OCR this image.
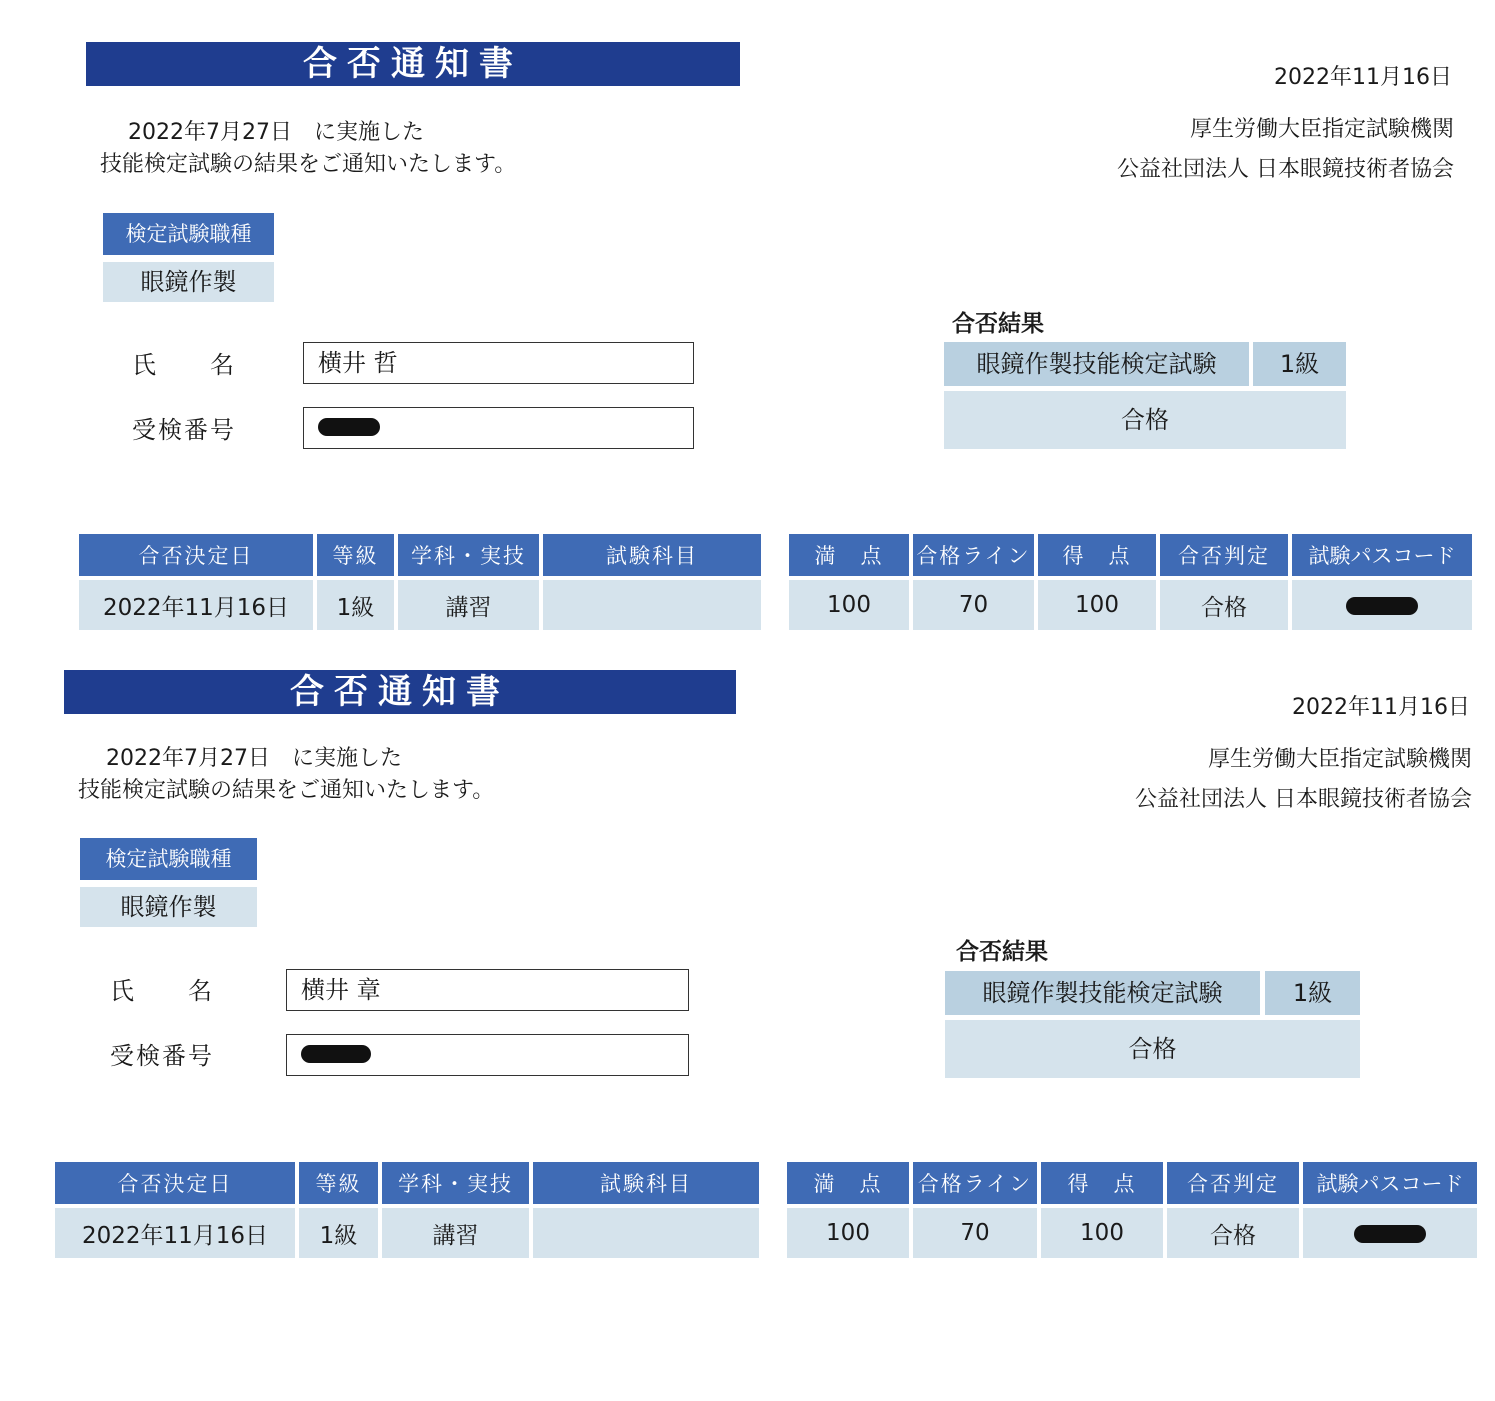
合否通知書	2022年11月16日
2022年7月27日　に実施した
技能検定試験の結果をご通知いたします。
厚生労働大臣指定試験機関
公益社団法人 日本眼鏡技術者協会
検定試験職種
眼鏡作製
氏　　名	横井 哲
受検番号
合否結果
眼鏡作製技能検定試験	1級
合格
合否決定日	等級	学科・実技	試験科目	満　点	合格ライン	得　点	合否判定	試験パスコード
2022年11月16日	1級	講習		100	70	100	合格	
合否通知書	2022年11月16日
2022年7月27日　に実施した
技能検定試験の結果をご通知いたします。
厚生労働大臣指定試験機関
公益社団法人 日本眼鏡技術者協会
検定試験職種
眼鏡作製
氏　　名	横井 章
受検番号
合否結果
眼鏡作製技能検定試験	1級
合格
合否決定日	等級	学科・実技	試験科目	満　点	合格ライン	得　点	合否判定	試験パスコード
2022年11月16日	1級	講習		100	70	100	合格	
